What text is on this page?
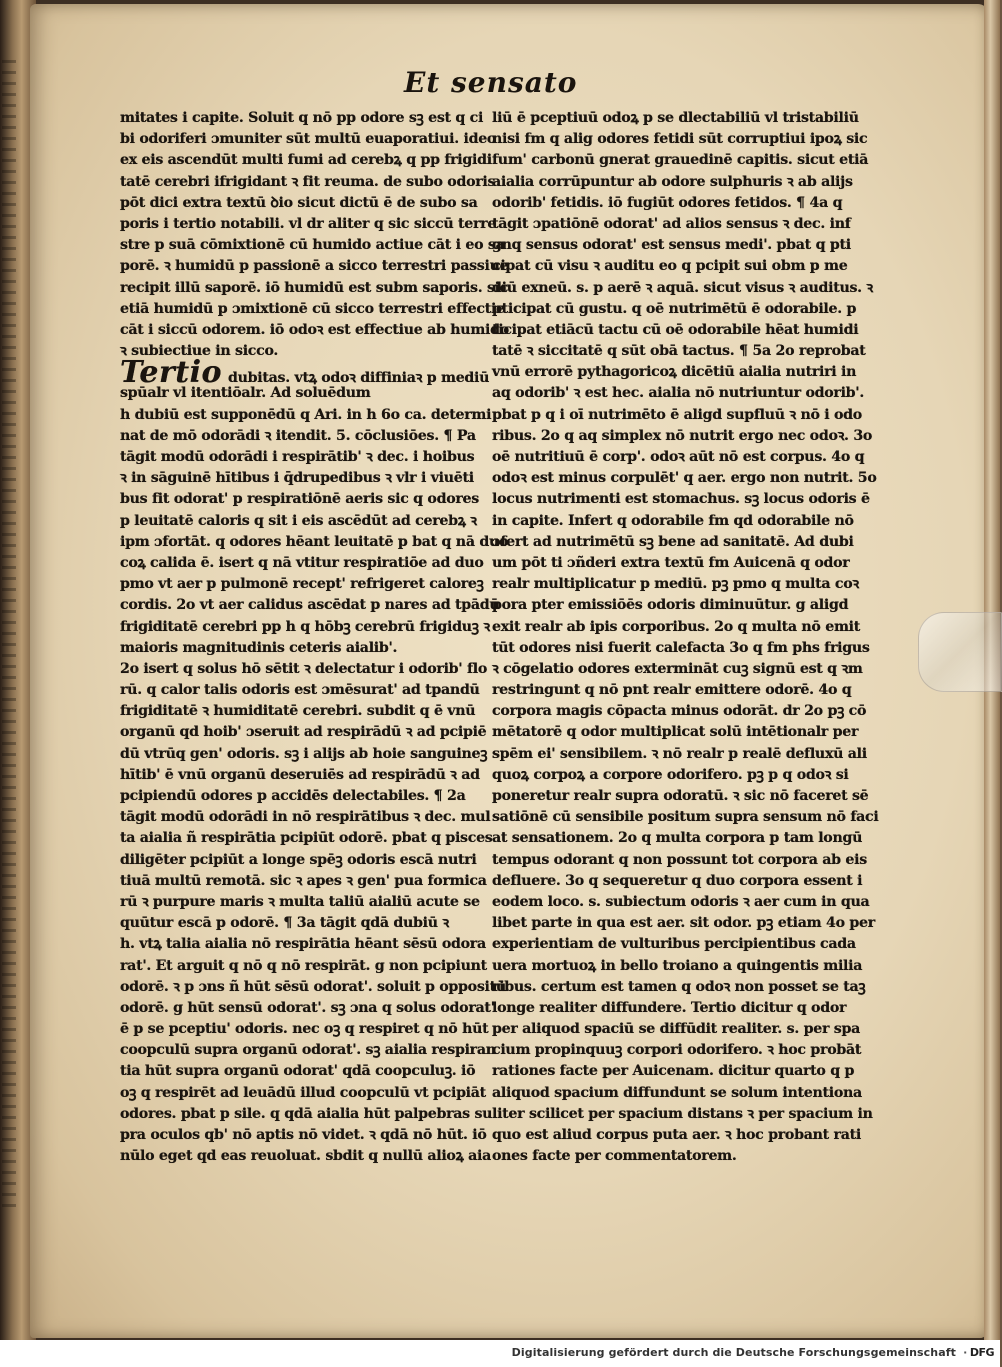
Et sensato
mitates i capite. Soluit q nō pp odore sꝫ est q ci
bi odoriferi ɔmuniter sūt multū euaporatiui. ideo
ex eis ascendūt multi fumi ad cerebꝝ q pp frigidi
tatē cerebri ifrigidant ꝛ fit reuma. de subo odoris
pōt dici extra textū ꝺio sicut dictū ē de subo sa
poris i tertio notabili. vl dr aliter q sic siccū terre
stre p suā cōmixtionē cū humido actiue cāt i eo sa
porē. ꝛ humidū p passionē a sicco terrestri passiue
recipit illū saporē. iō humidū est subm saporis. sic
etiā humidū p ɔmixtionē cū sicco terrestri effectie
cāt i siccū odorem. iō odoꝛ est effectiue ab humido
ꝛ subiectiue in sicco.
Tertio dubitas. vtꝝ odoꝛ diffiniaꝛ p mediū
spūalr vl itentiōalr. Ad soluēdum
h dubiū est supponēdū q Ari. in h 6o ca. determi
nat de mō odorādi ꝛ itendit. 5. cōclusiōes. ¶ Pa
tāgit modū odorādi i respirātib' ꝛ dec. i hoibus
ꝛ in sāguinē hītibus i q̄drupedibus ꝛ vlr i viuēti
bus fit odorat' p respiratiōnē aeris sic q odores
p leuitatē caloris q sit i eis ascēdūt ad cerebꝝ ꝛ
ipm ɔfortāt. q odores hēant leuitatē p bat q nā duo
coꝝ calida ē. isert q nā vtitur respiratiōe ad duo
pmo vt aer p pulmonē recept' refrigeret caloreꝫ
cordis. 2o vt aer calidus ascēdat p nares ad tpādū
frigiditatē cerebri pp h q hōbꝫ cerebrū frigiduꝫ ꝛ
maioris magnitudinis ceteris aialib'.
2o isert q solus hō sētit ꝛ delectatur i odorib' flo
rū. q calor talis odoris est ɔmēsurat' ad tpandū
frigiditatē ꝛ humiditatē cerebri. subdit q ē vnū
organū qd hoib' ɔseruit ad respirādū ꝛ ad pcipiē
dū vtrūq gen' odoris. sꝫ i alijs ab hoie sanguineꝫ
hītib' ē vnū organū deseruiēs ad respirādū ꝛ ad
pcipiendū odores p accidēs delectabiles. ¶ 2a
tāgit modū odorādi in nō respirātibus ꝛ dec. mul
ta aialia ñ respirātia pcipiūt odorē. pbat q pisces
diligēter pcipiūt a longe spēꝫ odoris escā nutri
tiuā multū remotā. sic ꝛ apes ꝛ gen' pua formica
rū ꝛ purpure maris ꝛ multa taliū aialiū acute se
quūtur escā p odorē. ¶ 3a tāgit qdā dubiū ꝛ
h. vtꝝ talia aialia nō respirātia hēant sēsū odora
rat'. Et arguit q nō q nō respirāt. g non pcipiunt
odorē. ꝛ p ɔns ñ hūt sēsū odorat'. soluit p oppositū
odorē. g hūt sensū odorat'. sꝫ ɔna q solus odorat'
ē p se pceptiu' odoris. nec oꝫ q respiret q nō hūt
coopculū supra organū odorat'. sꝫ aialia respiran
tia hūt supra organū odorat' qdā coopculuꝫ. iō
oꝫ q respirēt ad leuādū illud coopculū vt pcipiāt
odores. pbat p sile. q qdā aialia hūt palpebras su
pra oculos qb' nō aptis nō videt. ꝛ qdā nō hūt. iō
nūlo eget qd eas reuoluat. sbdit q nullū alioꝝ aia
liū ē pceptiuū odoꝝ p se dlectabiliū vl tristabiliū
nisi fm q alig odores fetidi sūt corruptiui ipoꝝ sic
fum' carbonū gnerat grauedinē capitis. sicut etiā
aialia corrūpuntur ab odore sulphuris ꝛ ab alijs
odorib' fetidis. iō fugiūt odores fetidos. ¶ 4a q
tāgit ɔpatiōnē odorat' ad alios sensus ꝛ dec. inf
gnq sensus odorat' est sensus medi'. pbat q pti
cipat cū visu ꝛ auditu eo q pcipit sui obm p me
diū exneū. s. p aerē ꝛ aquā. sicut visus ꝛ auditus. ꝛ
pticipat cū gustu. q oē nutrimētū ē odorabile. p
ticipat etiācū tactu cū oē odorabile hēat humidi
tatē ꝛ siccitatē q sūt obā tactus. ¶ 5a 2o reprobat
vnū errorē pythagoricoꝝ dicētiū aialia nutriri in
aq odorib' ꝛ est hec. aialia nō nutriuntur odorib'.
pbat p q i oī nutrimēto ē aligd supfluū ꝛ nō i odo
ribus. 2o q aq simplex nō nutrit ergo nec odoꝛ. 3o
oē nutritiuū ē corp'. odoꝛ aūt nō est corpus. 4o q
odoꝛ est minus corpulēt' q aer. ergo non nutrit. 5o
locus nutrimenti est stomachus. sꝫ locus odoris ē
in capite. Infert q odorabile fm qd odorabile nō
ɔfert ad nutrimētū sꝫ bene ad sanitatē. Ad dubi
um pōt ti ɔñderi extra textū fm Auicenā q odor
realr multiplicatur p mediū. pꝫ pmo q multa coꝛ
pora pter emissiōēs odoris diminuūtur. g aligd
exit realr ab ipis corporibus. 2o q multa nō emit
tūt odores nisi fuerit calefacta 3o q fm phs frigus
ꝛ cōgelatio odores extermināt cuꝫ signū est q ꝛm
restringunt q nō pnt realr emittere odorē. 4o q
corpora magis cōpacta minus odorāt. dr 2o pꝫ cō
mētatorē q odor multiplicat solū intētionalr per
spēm ei' sensibilem. ꝛ nō realr p realē defluxū ali
quoꝝ corpoꝝ a corpore odorifero. pꝫ p q odoꝛ si
poneretur realr supra odoratū. ꝛ sic nō faceret sē
satiōnē cū sensibile positum supra sensum nō faci
at sensationem. 2o q multa corpora p tam longū
tempus odorant q non possunt tot corpora ab eis
defluere. 3o q sequeretur q duo corpora essent i
eodem loco. s. subiectum odoris ꝛ aer cum in qua
libet parte in qua est aer. sit odor. pꝫ etiam 4o per
experientiam de vulturibus percipientibus cada
uera mortuoꝝ in bello troiano a quingentis milia
ribus. certum est tamen q odoꝛ non posset se taꝫ
longe realiter diffundere. Tertio dicitur q odor
per aliquod spaciū se diffūdit realiter. s. per spa
cium propinquuꝫ corpori odorifero. ꝛ hoc probāt
rationes facte per Auicenam. dicitur quarto q p
aliquod spacium diffundunt se solum intentiona
liter scilicet per spacium distans ꝛ per spacium in
quo est aliud corpus puta aer. ꝛ hoc probant rati
ones facte per commentatorem.
Digitalisierung gefördert durch die Deutsche Forschungsgemeinschaft · DFG
